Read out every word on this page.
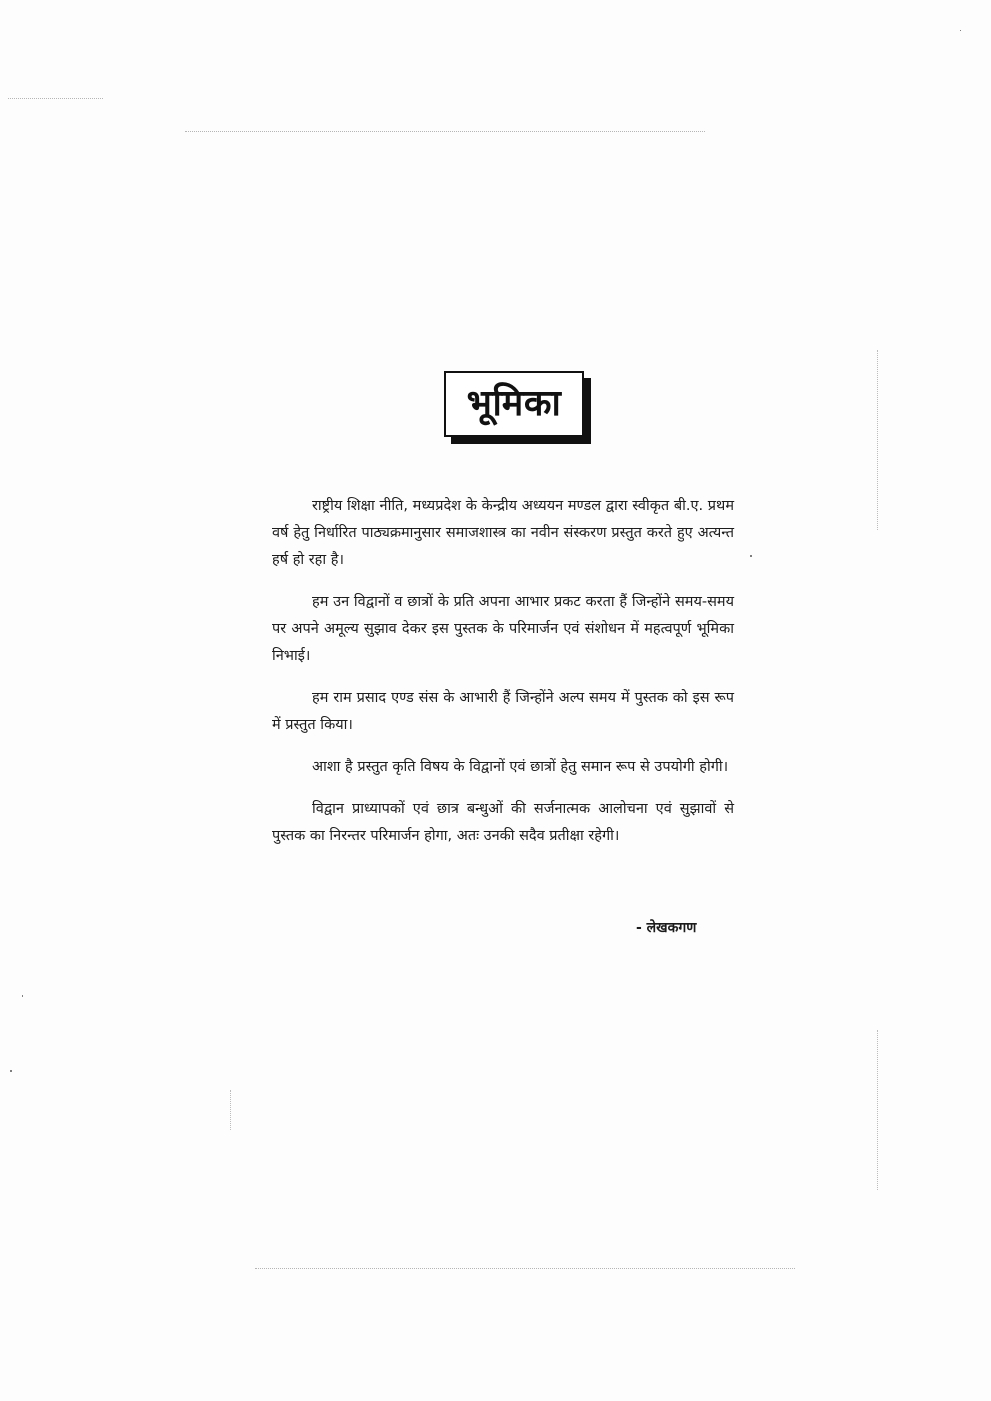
भूमिका

राष्ट्रीय शिक्षा नीति, मध्यप्रदेश के केन्द्रीय अध्ययन मण्डल द्वारा स्वीकृत बी.ए. प्रथम वर्ष हेतु निर्धारित पाठ्यक्रमानुसार समाजशास्त्र का नवीन संस्करण प्रस्तुत करते हुए अत्यन्त हर्ष हो रहा है।

हम उन विद्वानों व छात्रों के प्रति अपना आभार प्रकट करता हैं जिन्होंने समय-समय पर अपने अमूल्य सुझाव देकर इस पुस्तक के परिमार्जन एवं संशोधन में महत्वपूर्ण भूमिका निभाई।

हम राम प्रसाद एण्ड संस के आभारी हैं जिन्होंने अल्प समय में पुस्तक को इस रूप में प्रस्तुत किया।

आशा है प्रस्तुत कृति विषय के विद्वानों एवं छात्रों हेतु समान रूप से उपयोगी होगी।

विद्वान प्राध्यापकों एवं छात्र बन्धुओं की सर्जनात्मक आलोचना एवं सुझावों से पुस्तक का निरन्तर परिमार्जन होगा, अतः उनकी सदैव प्रतीक्षा रहेगी।

- लेखकगण
